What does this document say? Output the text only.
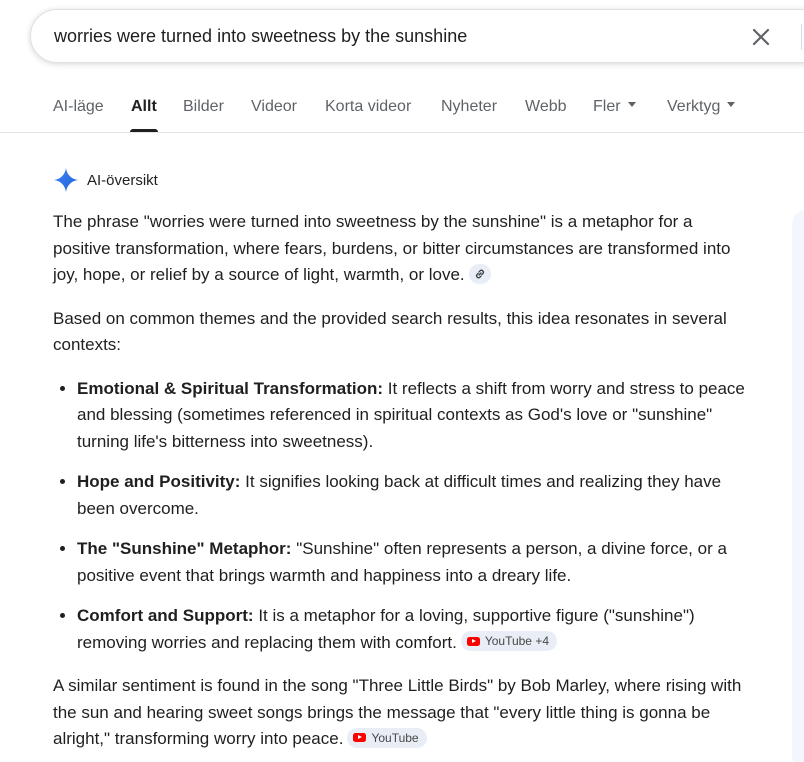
worries were turned into sweetness by the sunshine
AI-läge Allt Bilder Videor Korta videor Nyheter Webb Fler	Verktyg
AI-översikt

The phrase "worries were turned into sweetness by the sunshine" is a metaphor for a positive transformation, where fears, burdens, or bitter circumstances are transformed into joy, hope, or relief by a source of light, warmth, or love.

Based on common themes and the provided search results, this idea resonates in several contexts:

• Emotional & Spiritual Transformation: It reflects a shift from worry and stress to peace and blessing (sometimes referenced in spiritual contexts as God's love or "sunshine" turning life's bitterness into sweetness).
• Hope and Positivity: It signifies looking back at difficult times and realizing they have been overcome.
• The "Sunshine" Metaphor: "Sunshine" often represents a person, a divine force, or a positive event that brings warmth and happiness into a dreary life.
• Comfort and Support: It is a metaphor for a loving, supportive figure ("sunshine") removing worries and replacing them with comfort. YouTube +4

A similar sentiment is found in the song "Three Little Birds" by Bob Marley, where rising with the sun and hearing sweet songs brings the message that "every little thing is gonna be alright," transforming worry into peace. YouTube
